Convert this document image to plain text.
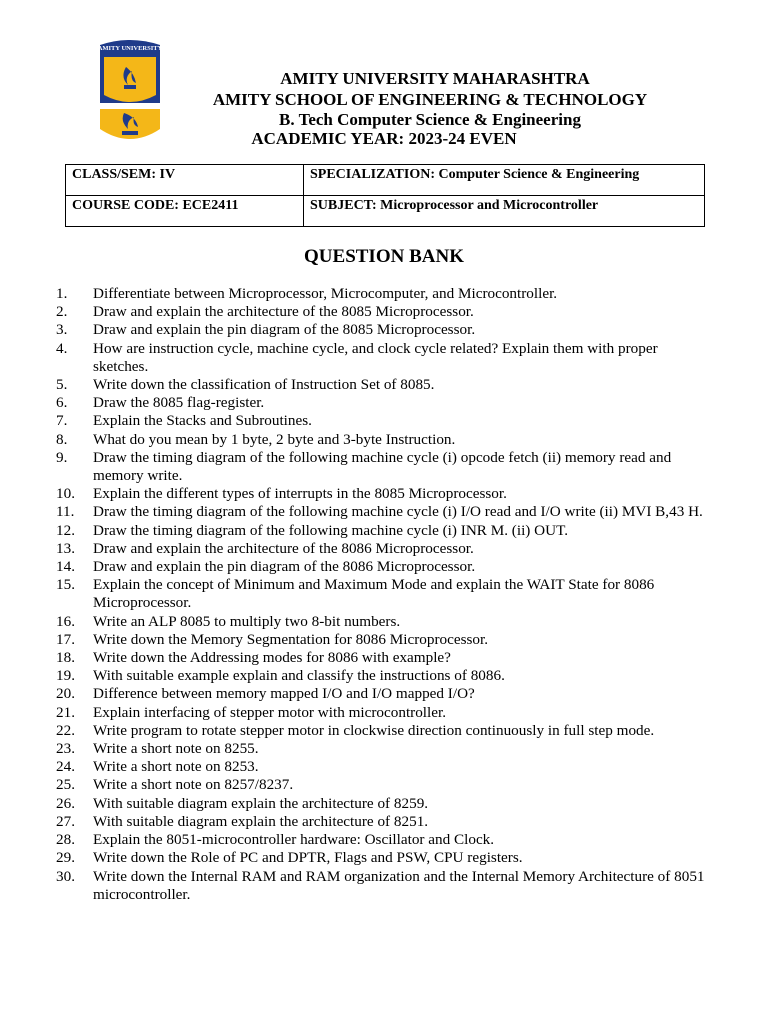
AMITY UNIVERSITY
AMITY UNIVERSITY MAHARASHTRA
AMITY SCHOOL OF ENGINEERING & TECHNOLOGY
B. Tech Computer Science & Engineering
ACADEMIC YEAR: 2023-24 EVEN
CLASS/SEM: IV	SPECIALIZATION: Computer Science & Engineering
COURSE CODE: ECE2411	SUBJECT: Microprocessor and Microcontroller
QUESTION BANK
1.	Differentiate between Microprocessor, Microcomputer, and Microcontroller.
2.	Draw and explain the architecture of the 8085 Microprocessor.
3.	Draw and explain the pin diagram of the 8085 Microprocessor.
4.	How are instruction cycle, machine cycle, and clock cycle related? Explain them with proper sketches.
5.	Write down the classification of Instruction Set of 8085.
6.	Draw the 8085 flag-register.
7.	Explain the Stacks and Subroutines.
8.	What do you mean by 1 byte, 2 byte and 3-byte Instruction.
9.	Draw the timing diagram of the following machine cycle (i) opcode fetch (ii) memory read and memory write.
10.	Explain the different types of interrupts in the 8085 Microprocessor.
11.	Draw the timing diagram of the following machine cycle (i) I/O read and I/O write (ii) MVI B,43 H.
12.	Draw the timing diagram of the following machine cycle (i) INR M. (ii) OUT.
13.	Draw and explain the architecture of the 8086 Microprocessor.
14.	Draw and explain the pin diagram of the 8086 Microprocessor.
15.	Explain the concept of Minimum and Maximum Mode and explain the WAIT State for 8086 Microprocessor.
16.	Write an ALP 8085 to multiply two 8-bit numbers.
17.	Write down the Memory Segmentation for 8086 Microprocessor.
18.	Write down the Addressing modes for 8086 with example?
19.	With suitable example explain and classify the instructions of 8086.
20.	Difference between memory mapped I/O and I/O mapped I/O?
21.	Explain interfacing of stepper motor with microcontroller.
22.	Write program to rotate stepper motor in clockwise direction continuously in full step mode.
23.	Write a short note on 8255.
24.	Write a short note on 8253.
25.	Write a short note on 8257/8237.
26.	With suitable diagram explain the architecture of 8259.
27.	With suitable diagram explain the architecture of 8251.
28.	Explain the 8051-microcontroller hardware: Oscillator and Clock.
29.	Write down the Role of PC and DPTR, Flags and PSW, CPU registers.
30.	Write down the Internal RAM and RAM organization and the Internal Memory Architecture of 8051 microcontroller.
